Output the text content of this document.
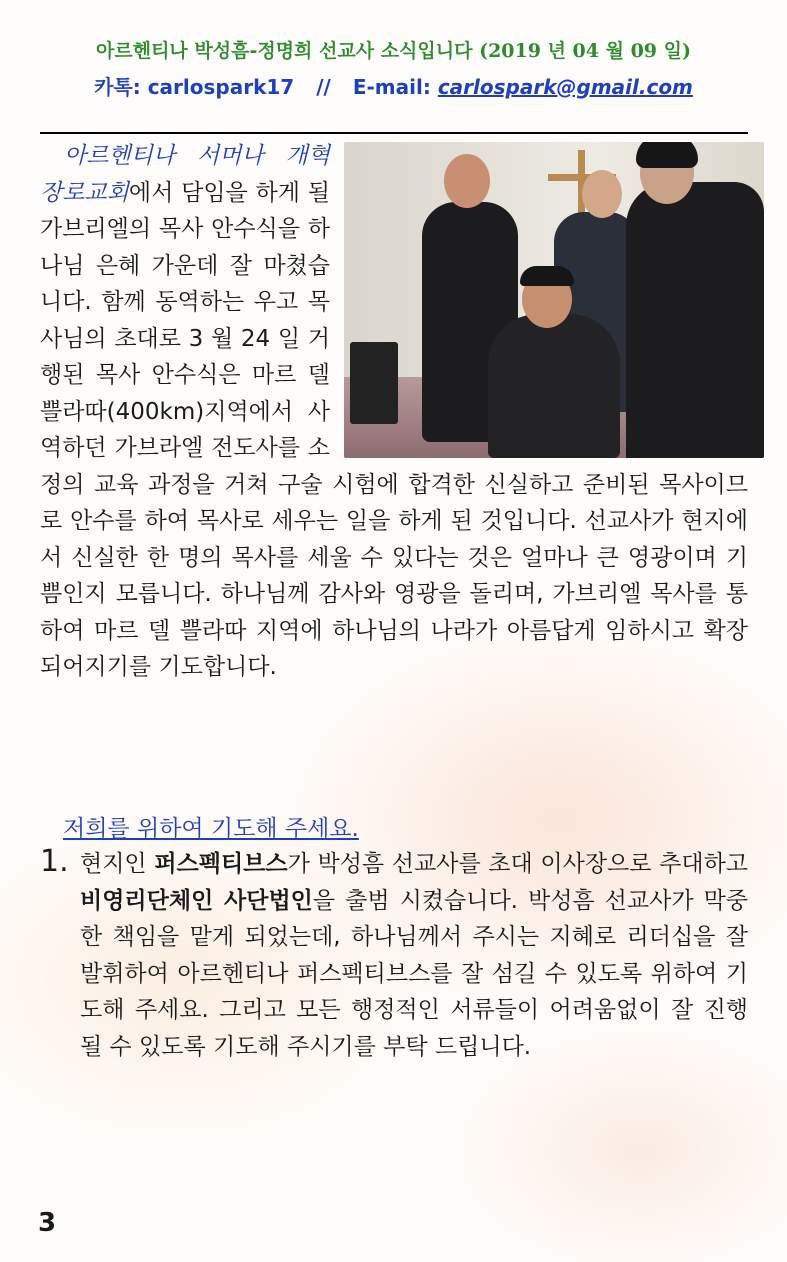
아르헨티나 박성흠-정명희 선교사 소식입니다 (2019 년 04 월 09 일)
카톡: carlospark17 // E-mail: carlospark@gmail.com

아르헨티나 서머나 개혁 장로교회에서 담임을 하게 될 가브리엘의 목사 안수식을 하나님 은혜 가운데 잘 마쳤습니다. 함께 동역하는 우고 목사님의 초대로 3 월 24 일 거행된 목사 안수식은 마르 델 쁠라따(400km)지역에서 사역하던 가브라엘 전도사를 소정의 교육 과정을 거쳐 구술 시험에 합격한 신실하고 준비된 목사이므로 안수를 하여 목사로 세우는 일을 하게 된 것입니다. 선교사가 현지에서 신실한 한 명의 목사를 세울 수 있다는 것은 얼마나 큰 영광이며 기쁨인지 모릅니다. 하나님께 감사와 영광을 돌리며, 가브리엘 목사를 통하여 마르 델 쁠라따 지역에 하나님의 나라가 아름답게 임하시고 확장되어지기를 기도합니다.

저희를 위하여 기도해 주세요.
1. 현지인 퍼스펙티브스가 박성흠 선교사를 초대 이사장으로 추대하고 비영리단체인 사단법인을 출범 시켰습니다. 박성흠 선교사가 막중한 책임을 맡게 되었는데, 하나님께서 주시는 지혜로 리더십을 잘 발휘하여 아르헨티나 퍼스펙티브스를 잘 섬길 수 있도록 위하여 기도해 주세요. 그리고 모든 행정적인 서류들이 어려움없이 잘 진행 될 수 있도록 기도해 주시기를 부탁 드립니다.
3
